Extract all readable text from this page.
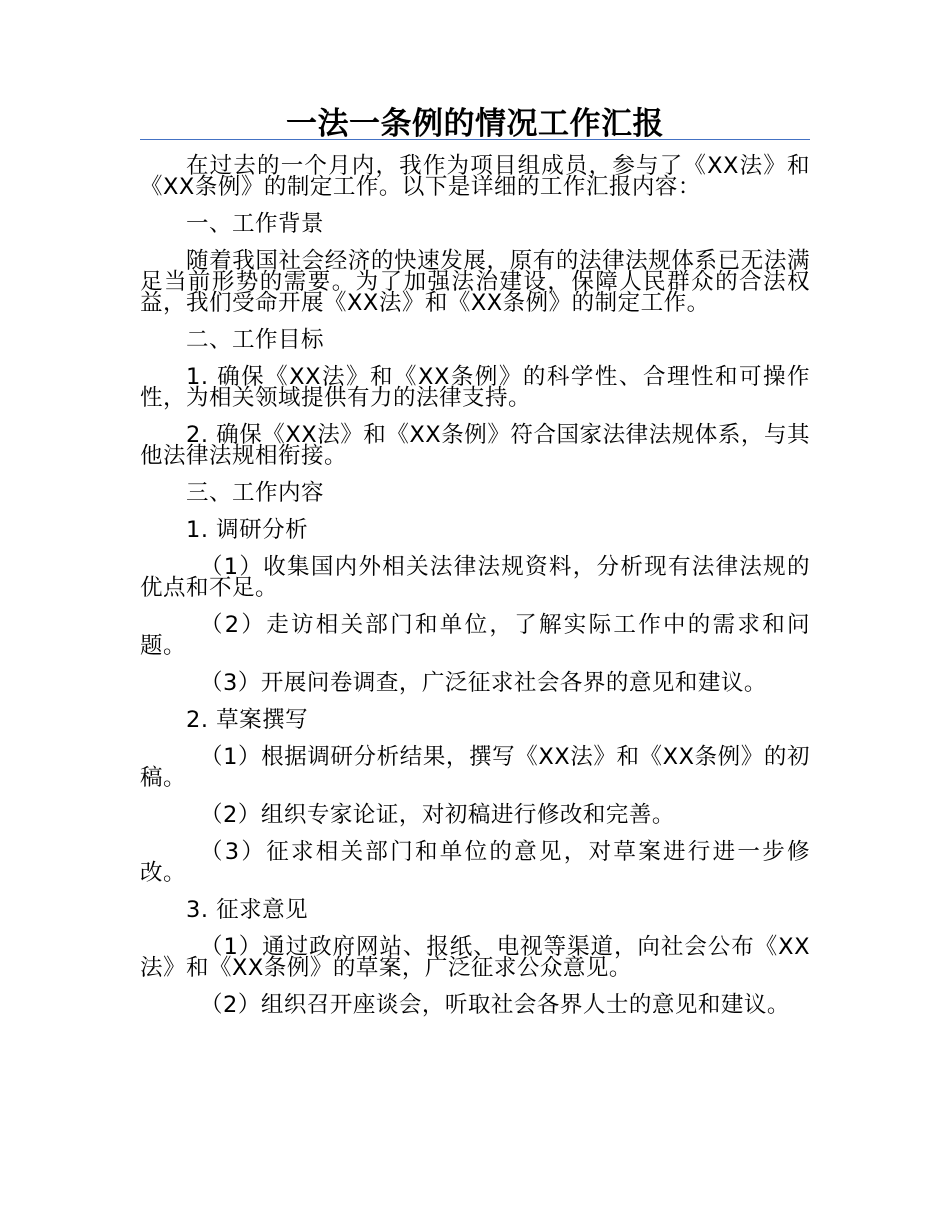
一法一条例的情况工作汇报

在过去的一个月内，我作为项目组成员，参与了《XX法》和《XX条例》的制定工作。以下是详细的工作汇报内容：

一、工作背景

随着我国社会经济的快速发展，原有的法律法规体系已无法满足当前形势的需要。为了加强法治建设，保障人民群众的合法权益，我们受命开展《XX法》和《XX条例》的制定工作。

二、工作目标

1. 确保《XX法》和《XX条例》的科学性、合理性和可操作性，为相关领域提供有力的法律支持。

2. 确保《XX法》和《XX条例》符合国家法律法规体系，与其他法律法规相衔接。

三、工作内容

1. 调研分析

（1）收集国内外相关法律法规资料，分析现有法律法规的优点和不足。

（2）走访相关部门和单位，了解实际工作中的需求和问题。

（3）开展问卷调查，广泛征求社会各界的意见和建议。

2. 草案撰写

（1）根据调研分析结果，撰写《XX法》和《XX条例》的初稿。

（2）组织专家论证，对初稿进行修改和完善。

（3）征求相关部门和单位的意见，对草案进行进一步修改。

3. 征求意见

（1）通过政府网站、报纸、电视等渠道，向社会公布《XX法》和《XX条例》的草案，广泛征求公众意见。

（2）组织召开座谈会，听取社会各界人士的意见和建议。
